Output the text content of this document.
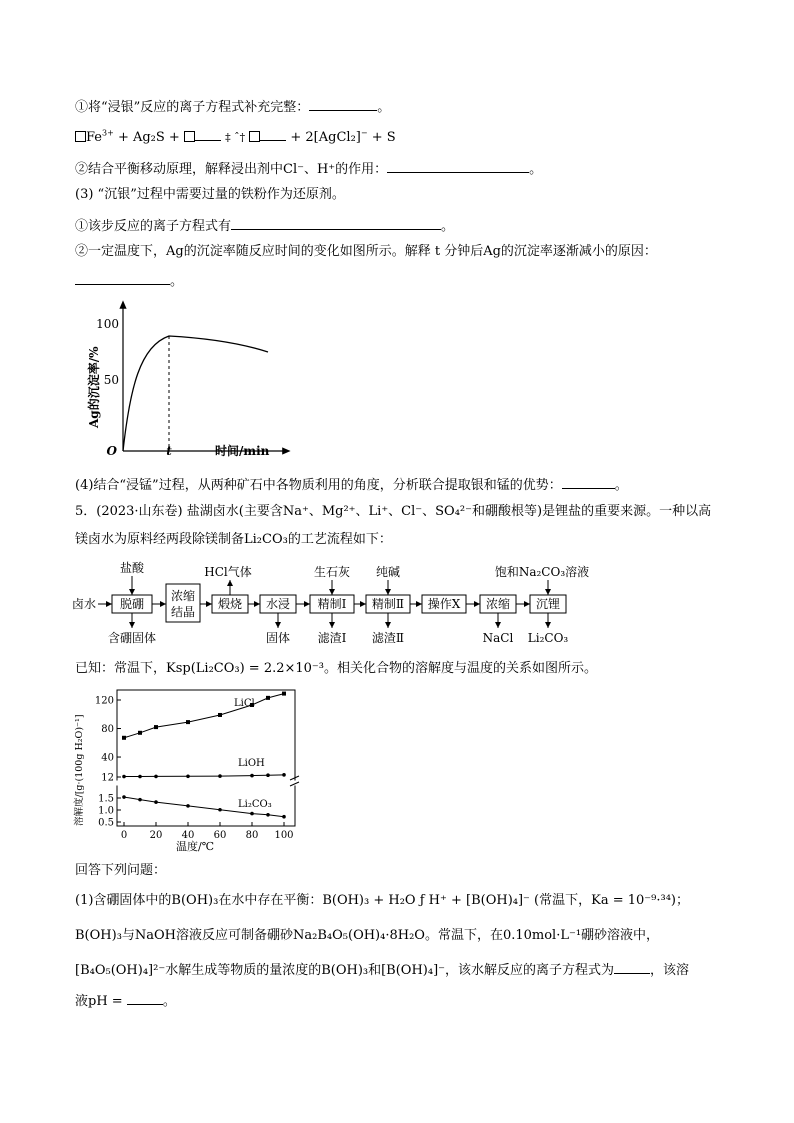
①将“浸银”反应的离子方程式补充完整：	。
$Fe^{3+} + Ag_2S$ +	‡ ˆ†	+ 2[AgCl₂]− + S
②结合平衡移动原理，解释浸出剂中Cl⁻、H⁺的作用：	。
(3) “沉银”过程中需要过量的铁粉作为还原剂。
①该步反应的离子方程式有	。
②一定温度下，Ag的沉淀率随反应时间的变化如图所示。解释 t 分钟后Ag的沉淀率逐渐减小的原因：
。
100
50
O	t	时间/min
Ag的沉淀率/%
(4)结合“浸锰”过程，从两种矿石中各物质利用的角度，分析联合提取银和锰的优势：	。
5．(2023·山东卷) 盐湖卤水(主要含Na⁺、Mg²⁺、Li⁺、Cl⁻、SO₄²⁻和硼酸根等)是锂盐的重要来源。一种以高
镁卤水为原料经两段除镁制备Li₂CO₃的工艺流程如下：
卤水 脱硼
浓缩
结晶
煅烧 水浸 精制Ⅰ 精制Ⅱ 操作X 浓缩 沉锂
盐酸	HCl气体	生石灰 纯碱	饱和Na₂CO₃溶液
含硼固体	固体 滤渣Ⅰ 滤渣Ⅱ	NaCl Li₂CO₃
已知：常温下，Ksp(Li₂CO₃) = 2.2×10⁻³。相关化合物的溶解度与温度的关系如图所示。
溶解度/[g·(100g H₂O)⁻¹]
温度/℃
0 20 40 60 80 100
120
80
40
12
1.5
1.0
0.5
LiCl
LiOH
Li₂CO₃
回答下列问题：
(1)含硼固体中的B(OH)₃在水中存在平衡：B(OH)₃ + H₂O ƒ H⁺ + [B(OH)₄]⁻ (常温下，Ka = 10⁻⁹·³⁴)；
B(OH)₃与NaOH溶液反应可制备硼砂Na₂B₄O₅(OH)₄·8H₂O。常温下，在0.10mol·L⁻¹硼砂溶液中，
[B₄O₅(OH)₄]²⁻水解生成等物质的量浓度的B(OH)₃和[B(OH)₄]⁻，该水解反应的离子方程式为	，该溶
液pH =	。
